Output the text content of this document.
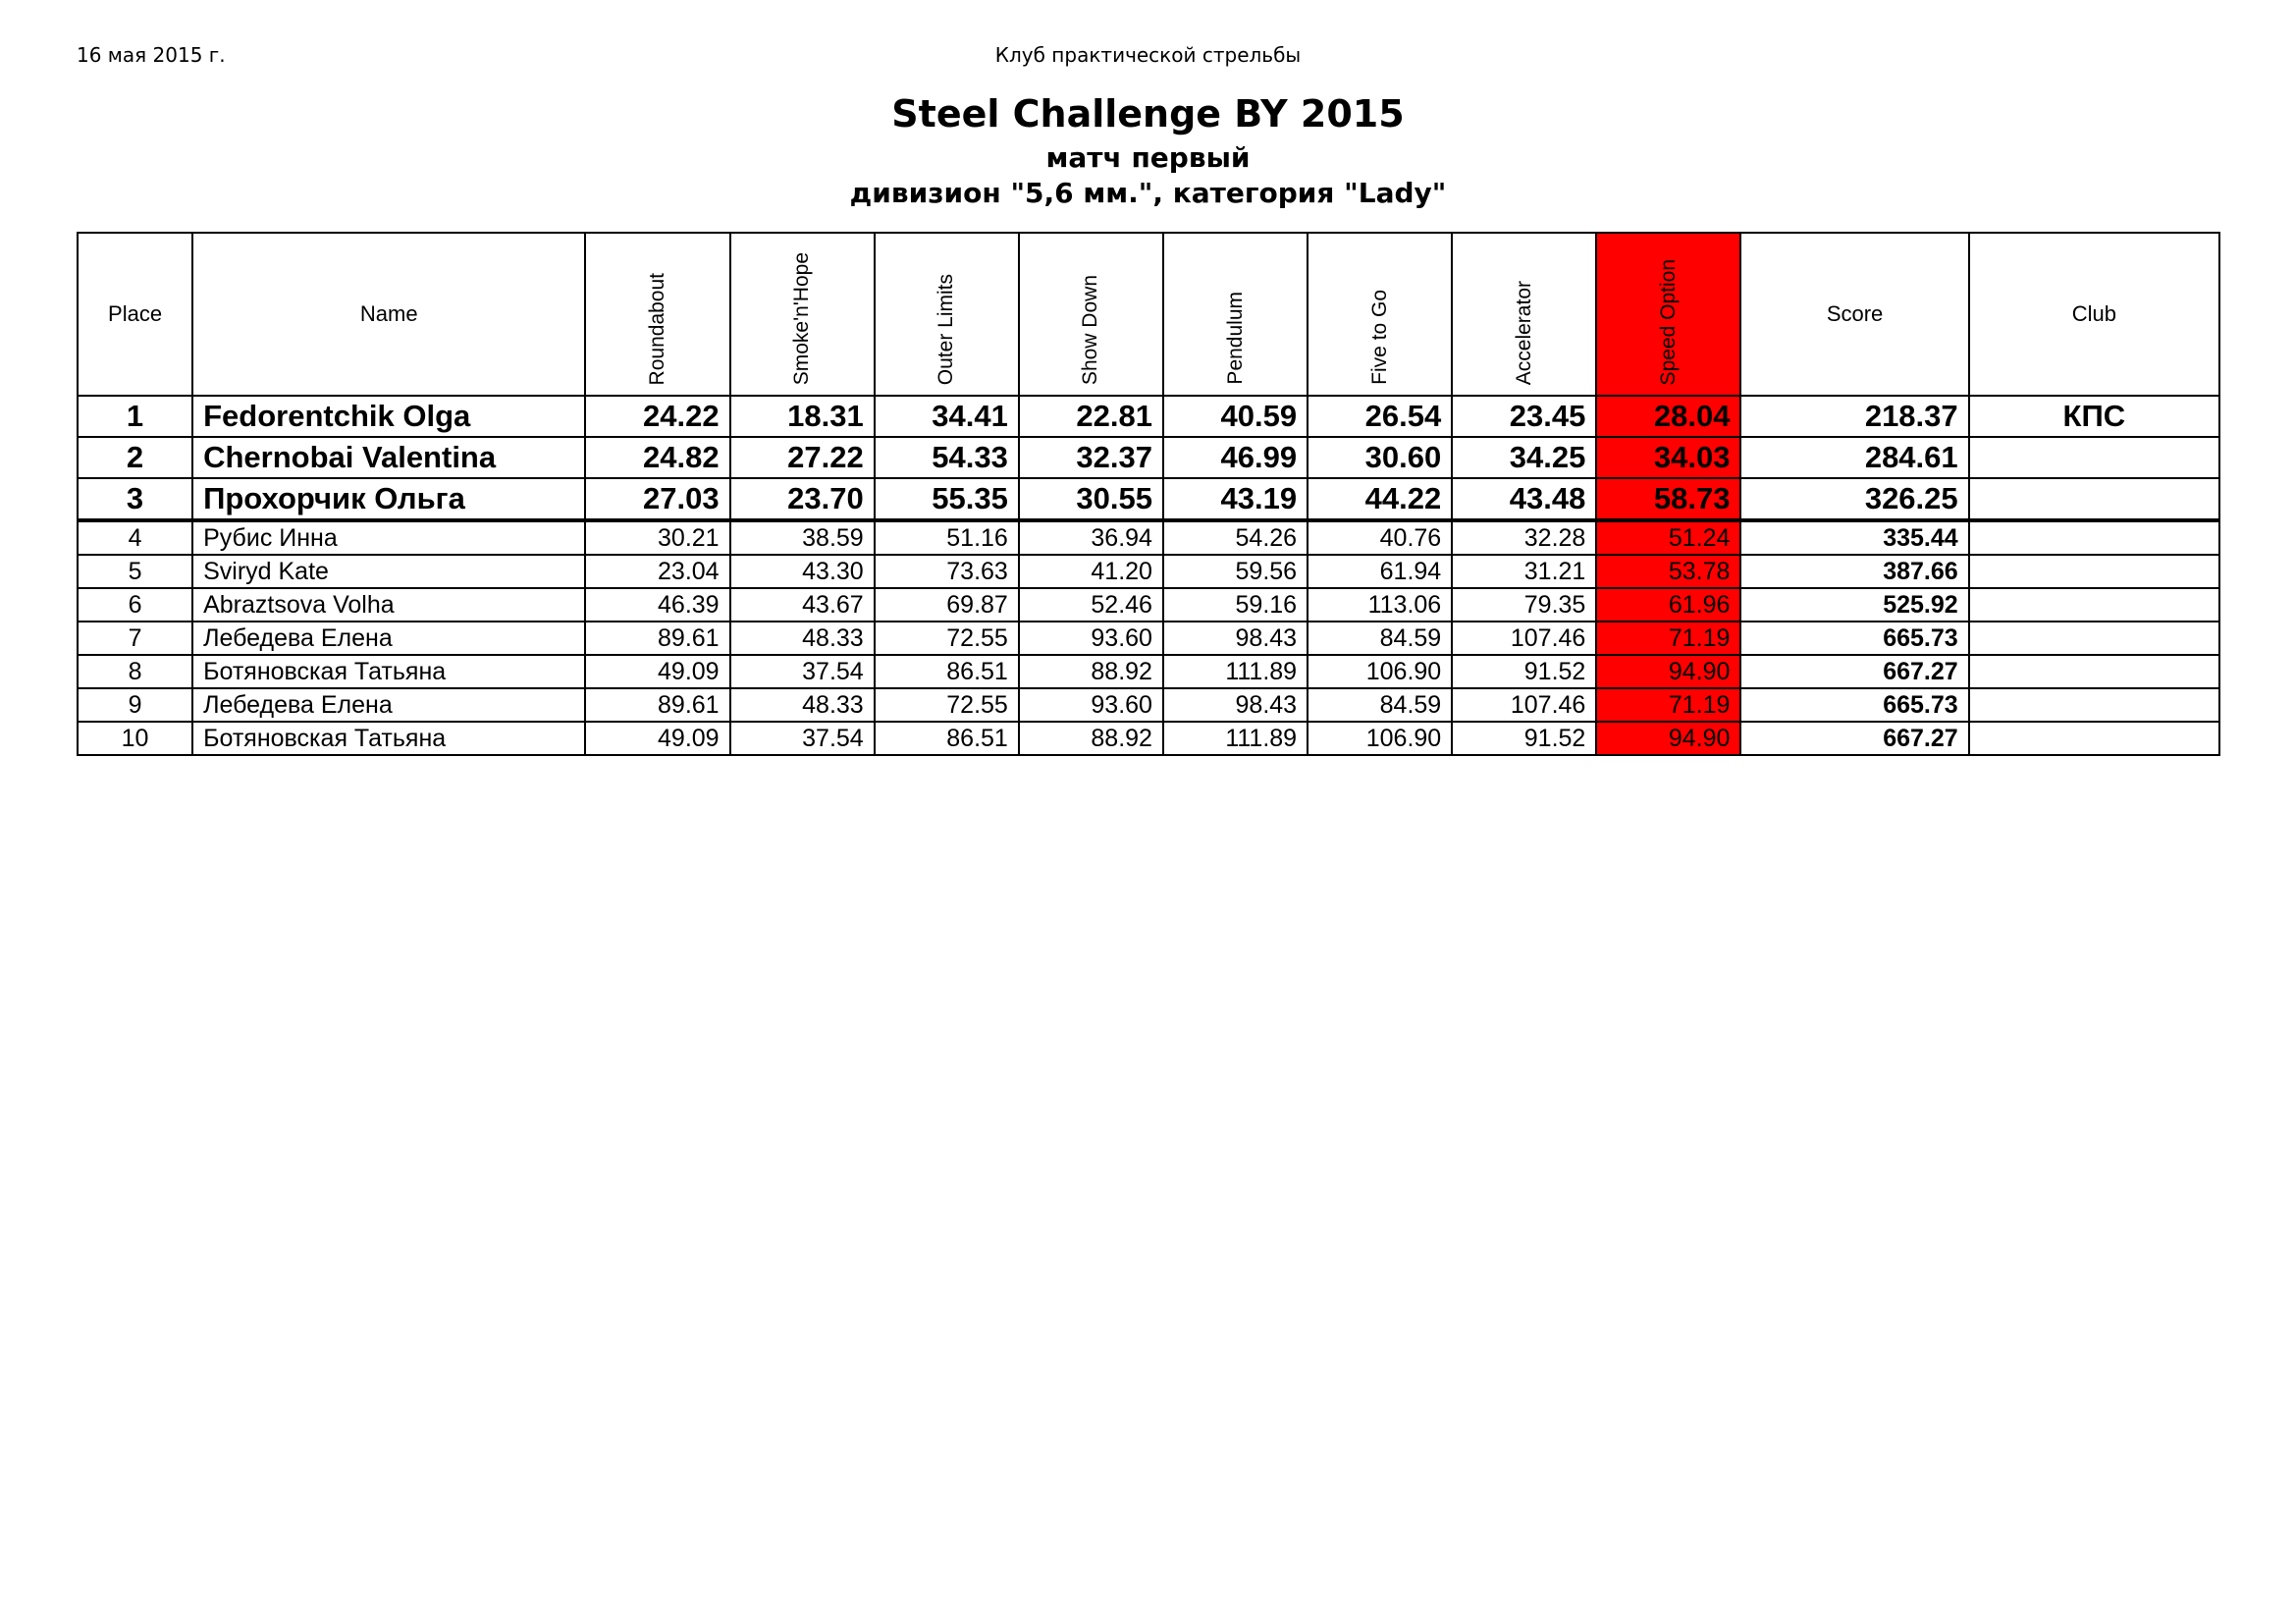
16 мая 2015 г.	Клуб практической стрельбы
Steel Challenge BY 2015
матч первый
дивизион "5,6 мм.", категория "Lady"
Place	Name	Roundabout	Smoke'n'Hope	Outer Limits	Show Down	Pendulum	Five to Go	Accelerator	Speed Option	Score	Club
1	Fedorentchik Olga	24.22	18.31	34.41	22.81	40.59	26.54	23.45	28.04	218.37	КПС
2	Chernobai Valentina	24.82	27.22	54.33	32.37	46.99	30.60	34.25	34.03	284.61	
3	Прохорчик Ольга	27.03	23.70	55.35	30.55	43.19	44.22	43.48	58.73	326.25	
4	Рубис Инна	30.21	38.59	51.16	36.94	54.26	40.76	32.28	51.24	335.44	
5	Sviryd Kate	23.04	43.30	73.63	41.20	59.56	61.94	31.21	53.78	387.66	
6	Abraztsova Volha	46.39	43.67	69.87	52.46	59.16	113.06	79.35	61.96	525.92	
7	Лебедева Елена	89.61	48.33	72.55	93.60	98.43	84.59	107.46	71.19	665.73	
8	Ботяновская Татьяна	49.09	37.54	86.51	88.92	111.89	106.90	91.52	94.90	667.27	
9	Лебедева Елена	89.61	48.33	72.55	93.60	98.43	84.59	107.46	71.19	665.73	
10	Ботяновская Татьяна	49.09	37.54	86.51	88.92	111.89	106.90	91.52	94.90	667.27	
